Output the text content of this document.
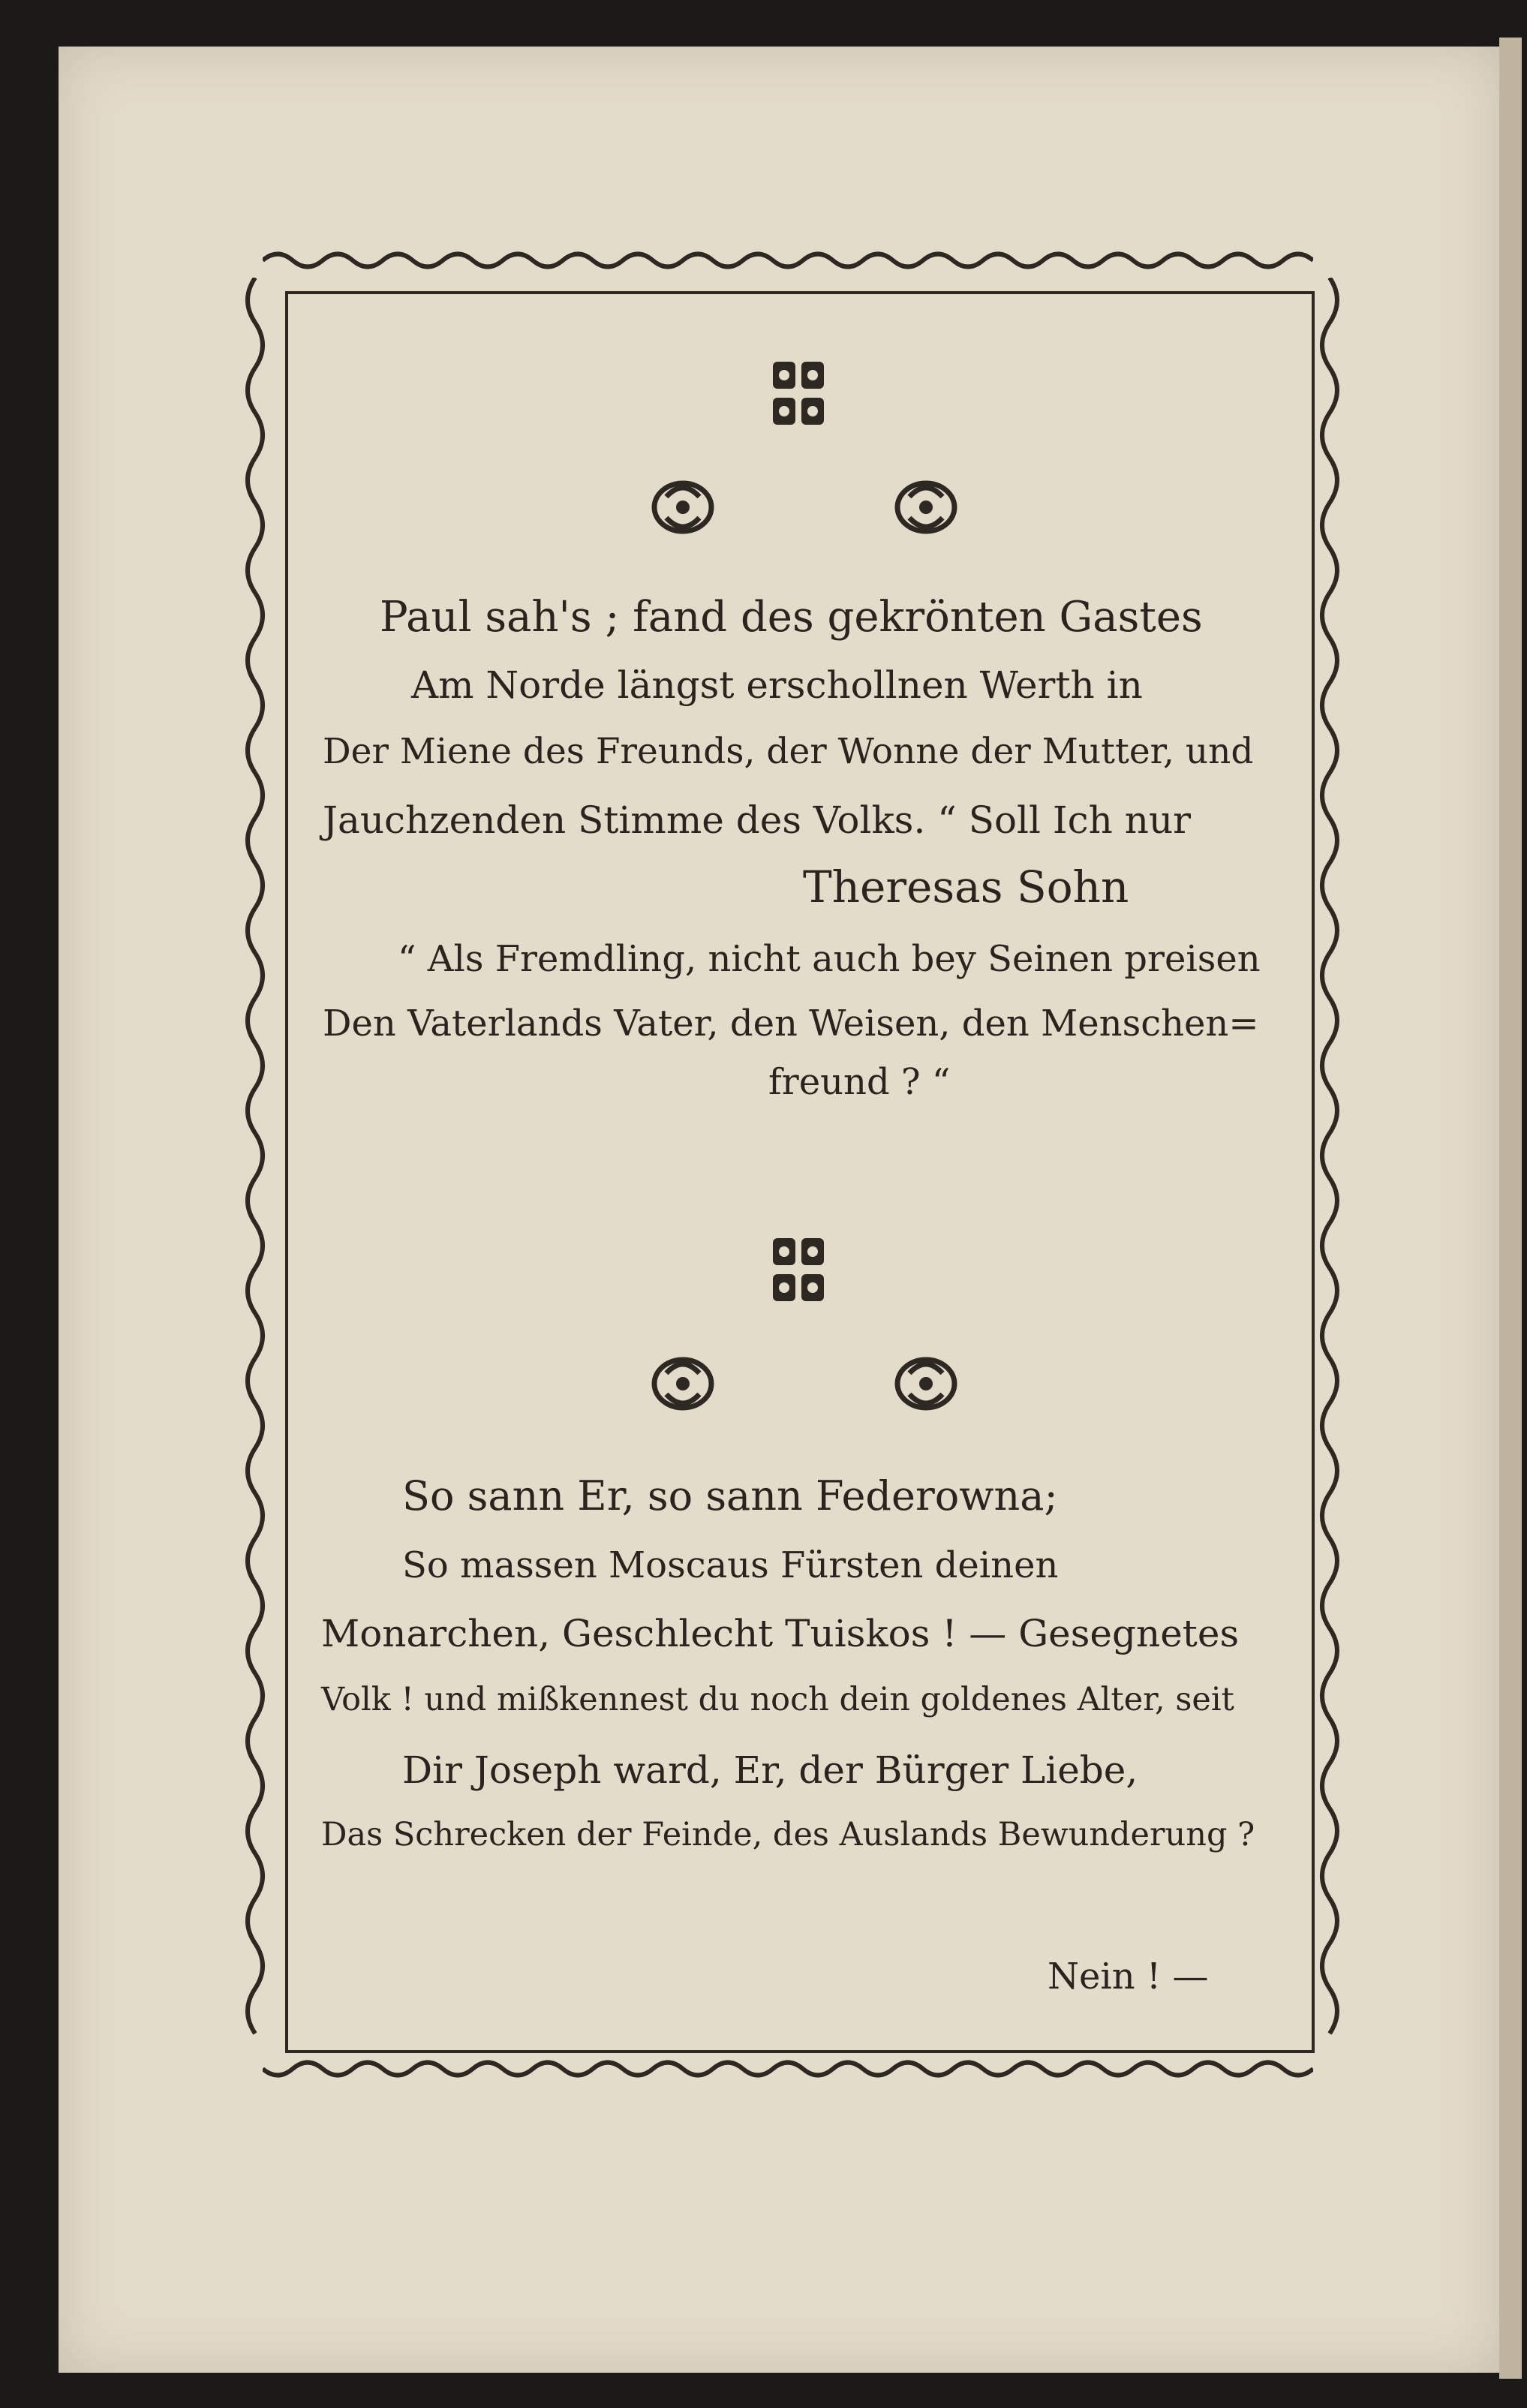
Paul sah's ; fand des gekrönten Gastes
Am Norde längst erschollnen Werth in
Der Miene des Freunds, der Wonne der Mutter, und
Jauchzenden Stimme des Volks. “ Soll Ich nur
Theresas Sohn
“ Als Fremdling, nicht auch bey Seinen preisen
Den Vaterlands Vater, den Weisen, den Menschen=
freund ? “
So sann Er, so sann Federowna;
So massen Moscaus Fürsten deinen
Monarchen, Geschlecht Tuiskos ! — Gesegnetes
Volk ! und mißkennest du noch dein goldenes Alter, seit
Dir Joseph ward, Er, der Bürger Liebe,
Das Schrecken der Feinde, des Auslands Bewunderung ?
Nein ! —
